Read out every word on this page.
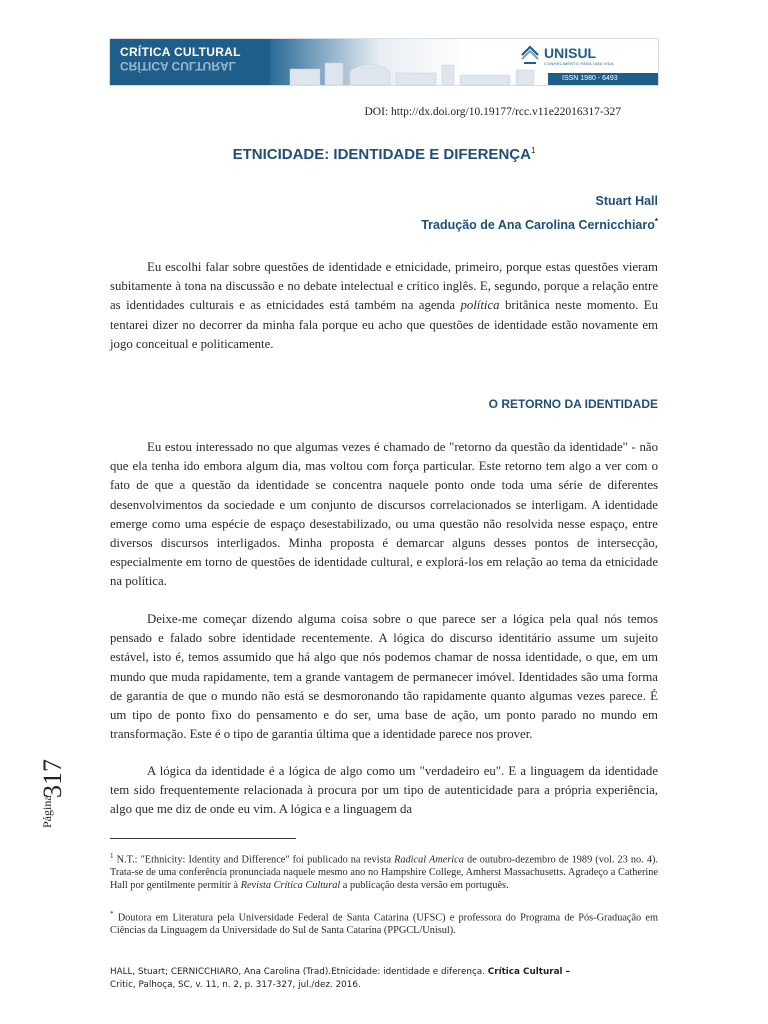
CRÍTICA CULTURAL
CRÍTICA CULTURAL
UNISUL
CONHECIMENTO PARA UMA VIDA
ISSN 1980 - 6493
DOI: http://dx.doi.org/10.19177/rcc.v11e22016317-327
ETNICIDADE: IDENTIDADE E DIFERENÇA$^1$
Stuart Hall
Tradução de Ana Carolina Cernicchiaro*

Eu escolhi falar sobre questões de identidade e etnicidade, primeiro, porque estas questões vieram subitamente à tona na discussão e no debate intelectual e crítico inglês. E, segundo, porque a relação entre as identidades culturais e as etnicidades está também na agenda política britânica neste momento. Eu tentarei dizer no decorrer da minha fala porque eu acho que questões de identidade estão novamente em jogo conceitual e politicamente.

O RETORNO DA IDENTIDADE

Eu estou interessado no que algumas vezes é chamado de "retorno da questão da identidade" - não que ela tenha ido embora algum dia, mas voltou com força particular. Este retorno tem algo a ver com o fato de que a questão da identidade se concentra naquele ponto onde toda uma série de diferentes desenvolvimentos da sociedade e um conjunto de discursos correlacionados se interligam. A identidade emerge como uma espécie de espaço desestabilizado, ou uma questão não resolvida nesse espaço, entre diversos discursos interligados. Minha proposta é demarcar alguns desses pontos de intersecção, especialmente em torno de questões de identidade cultural, e explorá-los em relação ao tema da etnicidade na política.

Deixe-me começar dizendo alguma coisa sobre o que parece ser a lógica pela qual nós temos pensado e falado sobre identidade recentemente. A lógica do discurso identitário assume um sujeito estável, isto é, temos assumido que há algo que nós podemos chamar de nossa identidade, o que, em um mundo que muda rapidamente, tem a grande vantagem de permanecer imóvel. Identidades são uma forma de garantia de que o mundo não está se desmoronando tão rapidamente quanto algumas vezes parece. É um tipo de ponto fixo do pensamento e do ser, uma base de ação, um ponto parado no mundo em transformação. Este é o tipo de garantia última que a identidade parece nos prover.

A lógica da identidade é a lógica de algo como um "verdadeiro eu". E a linguagem da identidade tem sido frequentemente relacionada à procura por um tipo de autenticidade para a própria experiência, algo que me diz de onde eu vim. A lógica e a linguagem da

Página
317

$^1$ N.T.: "Ethnicity: Identity and Difference" foi publicado na revista Radical America de outubro-dezembro de 1989 (vol. 23 no. 4). Trata-se de uma conferência pronunciada naquele mesmo ano no Hampshire College, Amherst Massachusetts. Agradeço a Catherine Hall por gentilmente permitir à Revista Crítica Cultural a publicação desta versão em português.

* Doutora em Literatura pela Universidade Federal de Santa Catarina (UFSC) e professora do Programa de Pós-Graduação em Ciências da Linguagem da Universidade do Sul de Santa Catarina (PPGCL/Unisul).

HALL, Stuart; CERNICCHIARO, Ana Carolina (Trad).Etnicidade: identidade e diferença. Crítica Cultural –
Critic, Palhoça, SC, v. 11, n. 2, p. 317-327, jul./dez. 2016.
